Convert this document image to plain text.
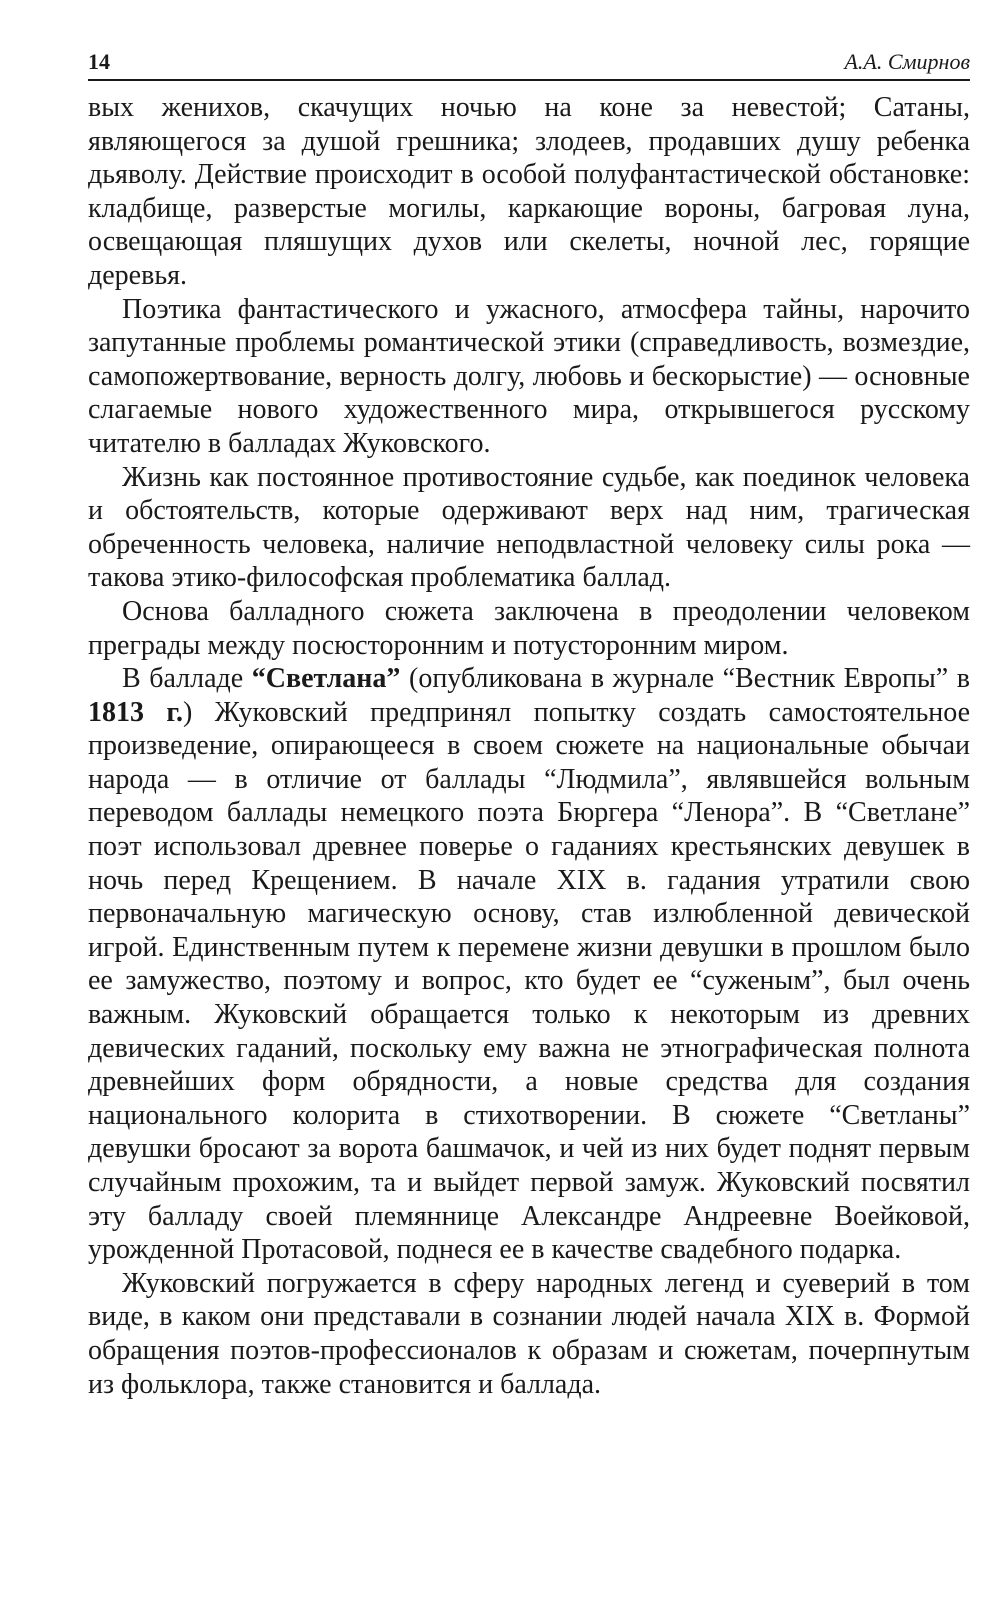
14	А.А. Смирнов

вых женихов, скачущих ночью на коне за невестой; Сатаны, являющегося за душой грешника; злодеев, продавших душу ребенка дьяволу. Действие происходит в особой полуфантастической обстановке: кладбище, разверстые могилы, каркающие вороны, багровая луна, освещающая пляшущих духов или скелеты, ночной лес, горящие деревья.

Поэтика фантастического и ужасного, атмосфера тайны, нарочито запутанные проблемы романтической этики (справедливость, возмездие, самопожертвование, верность долгу, любовь и бескорыстие) — основные слагаемые нового художественного мира, открывшегося русскому читателю в балладах Жуковского.

Жизнь как постоянное противостояние судьбе, как поединок человека и обстоятельств, которые одерживают верх над ним, трагическая обреченность человека, наличие неподвластной человеку силы рока — такова этико-философская проблематика баллад.

Основа балладного сюжета заключена в преодолении человеком преграды между посюсторонним и потусторонним миром.

В балладе “Светлана” (опубликована в журнале “Вестник Европы” в 1813 г.) Жуковский предпринял попытку создать самостоятельное произведение, опирающееся в своем сюжете на национальные обычаи народа — в отличие от баллады “Людмила”, являвшейся вольным переводом баллады немецкого поэта Бюргера “Ленора”. В “Светлане” поэт использовал древнее поверье о гаданиях крестьянских девушек в ночь перед Крещением. В начале XIX в. гадания утратили свою первоначальную магическую основу, став излюбленной девической игрой. Единственным путем к перемене жизни девушки в прошлом было ее замужество, поэтому и вопрос, кто будет ее “суженым”, был очень важным. Жуковский обращается только к некоторым из древних девических гаданий, поскольку ему важна не этнографическая полнота древнейших форм обрядности, а новые средства для создания национального колорита в стихотворении. В сюжете “Светланы” девушки бросают за ворота башмачок, и чей из них будет поднят первым случайным прохожим, та и выйдет первой замуж. Жуковский посвятил эту балладу своей племяннице Александре Андреевне Воейковой, урожденной Протасовой, поднеся ее в качестве свадебного подарка.

Жуковский погружается в сферу народных легенд и суеверий в том виде, в каком они представали в сознании людей начала XIX в. Формой обращения поэтов-профессионалов к образам и сюжетам, почерпнутым из фольклора, также становится и баллада.
